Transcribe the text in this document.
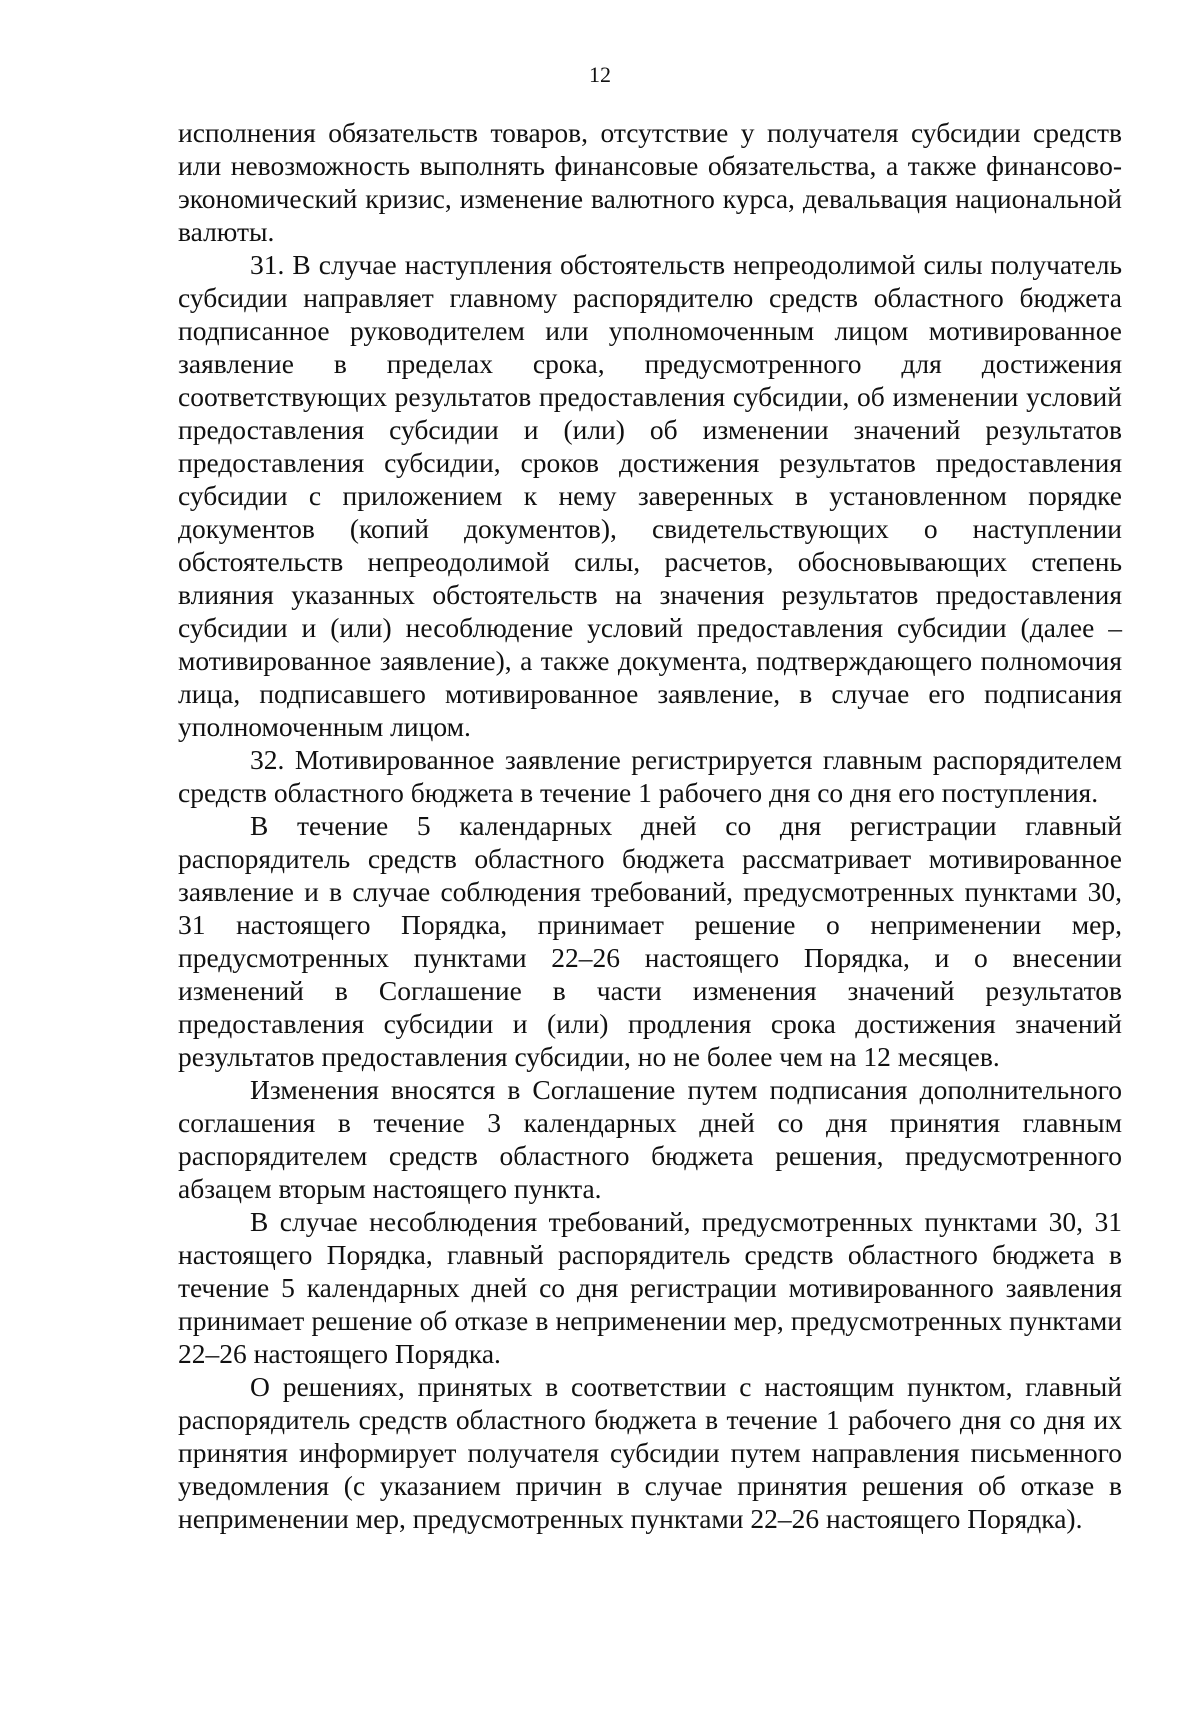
12

исполнения обязательств товаров, отсутствие у получателя субсидии средств или невозможность выполнять финансовые обязательства, а также финансово-экономический кризис, изменение валютного курса, девальвация национальной валюты.

31. В случае наступления обстоятельств непреодолимой силы получатель субсидии направляет главному распорядителю средств областного бюджета подписанное руководителем или уполномоченным лицом мотивированное заявление в пределах срока, предусмотренного для достижения соответствующих результатов предоставления субсидии, об изменении условий предоставления субсидии и (или) об изменении значений результатов предоставления субсидии, сроков достижения результатов предоставления субсидии с приложением к нему заверенных в установленном порядке документов (копий документов), свидетельствующих о наступлении обстоятельств непреодолимой силы, расчетов, обосновывающих степень влияния указанных обстоятельств на значения результатов предоставления субсидии и (или) несоблюдение условий предоставления субсидии (далее – мотивированное заявление), а также документа, подтверждающего полномочия лица, подписавшего мотивированное заявление, в случае его подписания уполномоченным лицом.

32. Мотивированное заявление регистрируется главным распорядителем средств областного бюджета в течение 1 рабочего дня со дня его поступления.

В течение 5 календарных дней со дня регистрации главный распорядитель средств областного бюджета рассматривает мотивированное заявление и в случае соблюдения требований, предусмотренных пунктами 30, 31 настоящего Порядка, принимает решение о неприменении мер, предусмотренных пунктами 22–26 настоящего Порядка, и о внесении изменений в Соглашение в части изменения значений результатов предоставления субсидии и (или) продления срока достижения значений результатов предоставления субсидии, но не более чем на 12 месяцев.

Изменения вносятся в Соглашение путем подписания дополнительного соглашения в течение 3 календарных дней со дня принятия главным распорядителем средств областного бюджета решения, предусмотренного абзацем вторым настоящего пункта.

В случае несоблюдения требований, предусмотренных пунктами 30, 31 настоящего Порядка, главный распорядитель средств областного бюджета в течение 5 календарных дней со дня регистрации мотивированного заявления принимает решение об отказе в неприменении мер, предусмотренных пунктами 22–26 настоящего Порядка.

О решениях, принятых в соответствии с настоящим пунктом, главный распорядитель средств областного бюджета в течение 1 рабочего дня со дня их принятия информирует получателя субсидии путем направления письменного уведомления (с указанием причин в случае принятия решения об отказе в неприменении мер, предусмотренных пунктами 22–26 настоящего Порядка).
